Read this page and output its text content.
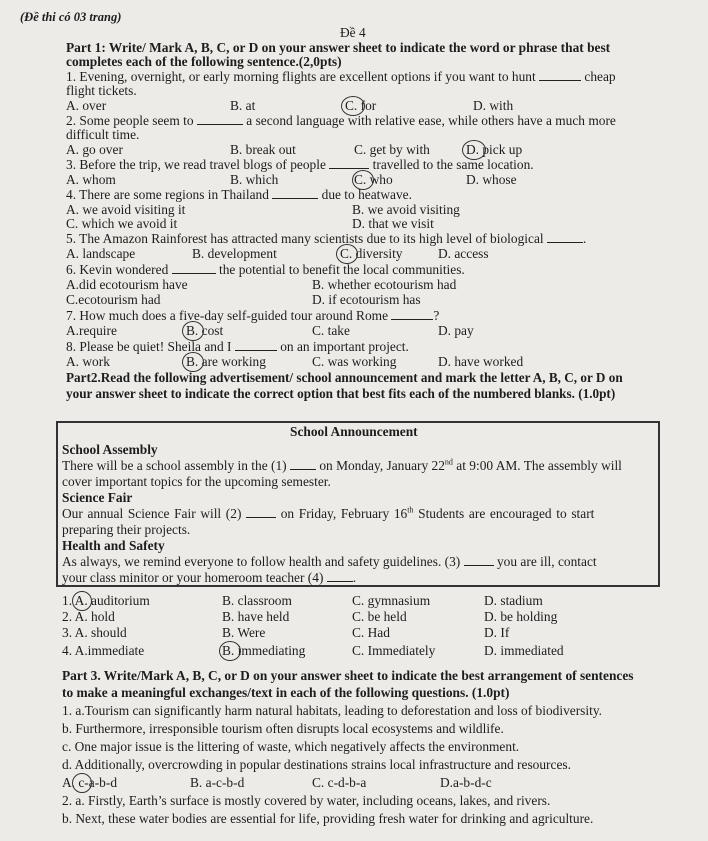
(Đề thi có 03 trang)
Đề 4
Part 1: Write/ Mark A, B, C, or D on your answer sheet to indicate the word or phrase that best
completes each of the following sentence.(2,0pts)
1. Evening, overnight, or early morning flights are excellent options if you want to hunt	cheap
flight tickets.
A. over	B. at	C. for	D. with
2. Some people seem to	a second language with relative ease, while others have a much more
difficult time.
A. go over	B. break out	C. get by with	D. pick up
3. Before the trip, we read travel blogs of people	travelled to the same location.
A. whom	B. which	C. who	D. whose
4. There are some regions in Thailand	due to heatwave.
A. we avoid visiting it	B. we avoid visiting
C. which we avoid it	D. that we visit
5. The Amazon Rainforest has attracted many scientists due to its high level of biological	.
A. landscape	B. development	C. diversity	D. access
6. Kevin wondered	the potential to benefit the local communities.
A.did ecotourism have	B. whether ecotourism had
C.ecotourism had	D. if ecotourism has
7. How much does a five-day self-guided tour around Rome	?
A.require	B. cost	C. take	D. pay
8. Please be quiet! Sheila and I	on an important project.
A. work	B. are working	C. was working	D. have worked
Part2.Read the following advertisement/ school announcement and mark the letter A, B, C, or D on
your answer sheet to indicate the correct option that best fits each of the numbered blanks. (1.0pt)
School Announcement
School Assembly
There will be a school assembly in the (1) on Monday, January 22nd at 9:00 AM. The assembly will
cover important topics for the upcoming semester.
Science Fair
Our annual Science Fair will (2)	on Friday, February 16th Students are encouraged to start
preparing their projects.
Health and Safety
As always, we remind everyone to follow health and safety guidelines. (3)	you are ill, contact
your class minitor or your homeroom teacher (4) .
1. A. auditorium	B. classroom	C. gymnasium	D. stadium
2. A. hold	B. have held	C. be held	D. be holding
3. A. should	B. Were	C. Had	D. If
4. A.immediate	B. immediating	C. Immediately	D. immediated
Part 3. Write/Mark A, B, C, or D on your answer sheet to indicate the best arrangement of sentences
to make a meaningful exchanges/text in each of the following questions. (1.0pt)
1. a.Tourism can significantly harm natural habitats, leading to deforestation and loss of biodiversity.
b. Furthermore, irresponsible tourism often disrupts local ecosystems and wildlife.
c. One major issue is the littering of waste, which negatively affects the environment.
d. Additionally, overcrowding in popular destinations strains local infrastructure and resources.
A. c-a-b-d	B. a-c-b-d	C. c-d-b-a	D.a-b-d-c
2. a. Firstly, Earth’s surface is mostly covered by water, including oceans, lakes, and rivers.
b. Next, these water bodies are essential for life, providing fresh water for drinking and agriculture.
